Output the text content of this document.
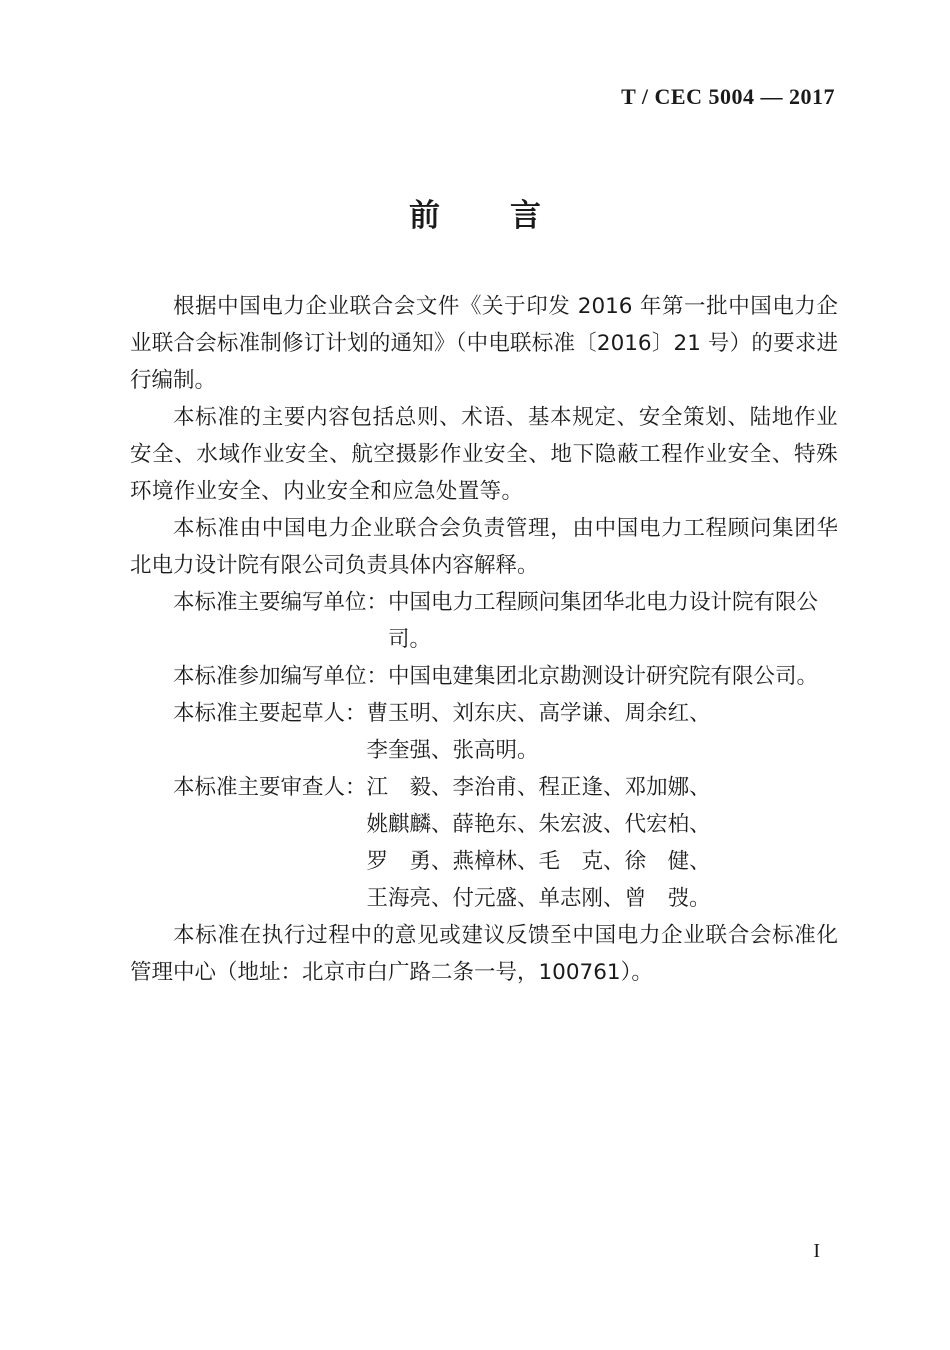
T / CEC 5004 — 2017
前 言

根据中国电力企业联合会文件《关于印发 2016 年第一批中国电力企业联合会标准制修订计划的通知》（中电联标准〔2016〕21 号）的要求进行编制。

本标准的主要内容包括总则、术语、基本规定、安全策划、陆地作业安全、水域作业安全、航空摄影作业安全、地下隐蔽工程作业安全、特殊环境作业安全、内业安全和应急处置等。

本标准由中国电力企业联合会负责管理，由中国电力工程顾问集团华北电力设计院有限公司负责具体内容解释。

本标准主要编写单位： 中国电力工程顾问集团华北电力设计院有限公司。
本标准参加编写单位： 中国电建集团北京勘测设计研究院有限公司。
本标准主要起草人： 曹玉明、 刘东庆、 高学谦、 周余红、
李奎强、 张高明。
本标准主要审查人： 江　毅、 李治甫、 程正逢、 邓加娜、
姚麒麟、 薛艳东、 朱宏波、 代宏柏、
罗　勇、 燕樟林、 毛　克、 徐　健、
王海亮、 付元盛、 单志刚、 曾　弢。

本标准在执行过程中的意见或建议反馈至中国电力企业联合会标准化管理中心（地址：北京市白广路二条一号，100761）。

I
